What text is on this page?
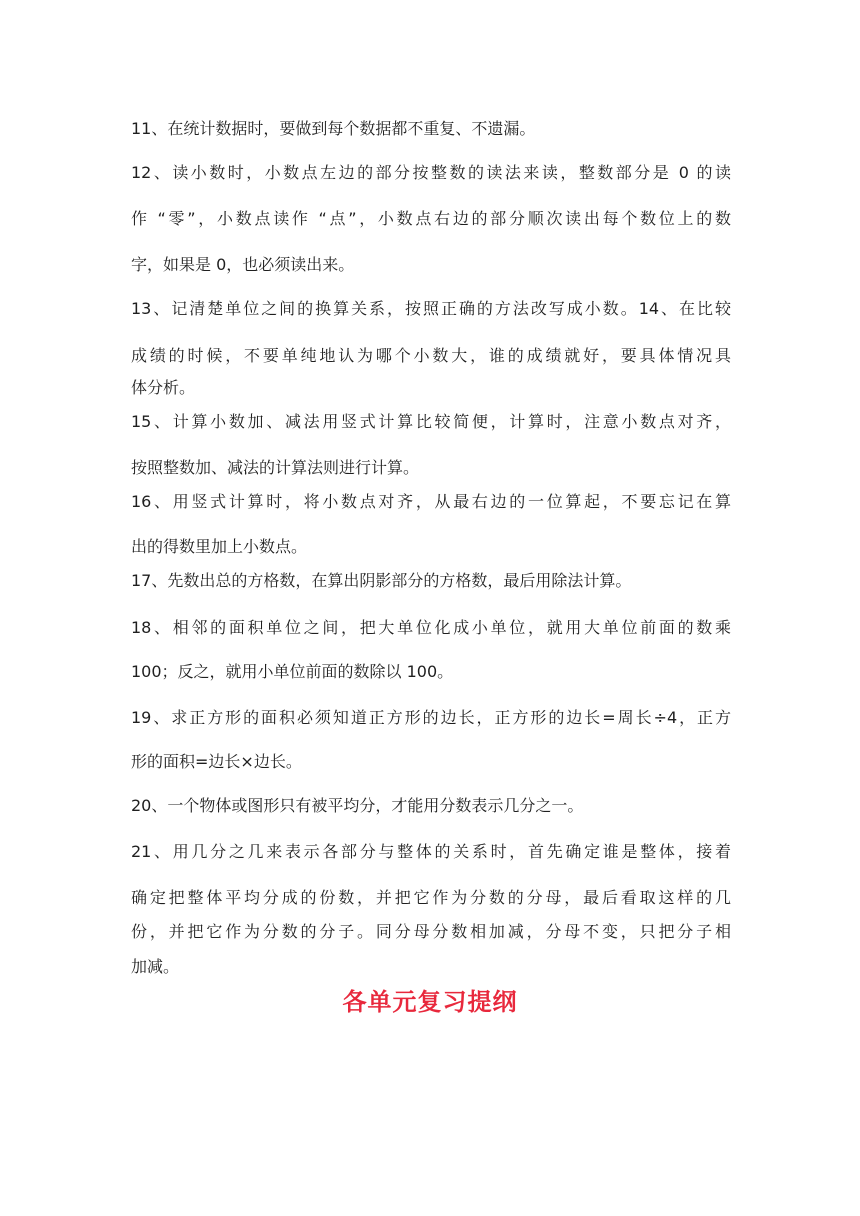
11、在统计数据时，要做到每个数据都不重复、不遗漏。
12、读小数时，小数点左边的部分按整数的读法来读，整数部分是 0 的读
作 “零”，小数点读作 “点”，小数点右边的部分顺次读出每个数位上的数
字，如果是 0，也必须读出来。
13、记清楚单位之间的换算关系，按照正确的方法改写成小数。14、在比较
成绩的时候，不要单纯地认为哪个小数大，谁的成绩就好，要具体情况具
体分析。
15、计算小数加、减法用竖式计算比较简便，计算时，注意小数点对齐，
按照整数加、减法的计算法则进行计算。
16、用竖式计算时，将小数点对齐，从最右边的一位算起，不要忘记在算
出的得数里加上小数点。
17、先数出总的方格数，在算出阴影部分的方格数，最后用除法计算。
18、相邻的面积单位之间，把大单位化成小单位，就用大单位前面的数乘
100；反之，就用小单位前面的数除以 100。
19、求正方形的面积必须知道正方形的边长，正方形的边长=周长÷4，正方
形的面积=边长×边长。
20、一个物体或图形只有被平均分，才能用分数表示几分之一。
21、用几分之几来表示各部分与整体的关系时，首先确定谁是整体，接着
确定把整体平均分成的份数，并把它作为分数的分母，最后看取这样的几
份，并把它作为分数的分子。同分母分数相加减，分母不变，只把分子相
加减。
各单元复习提纲
